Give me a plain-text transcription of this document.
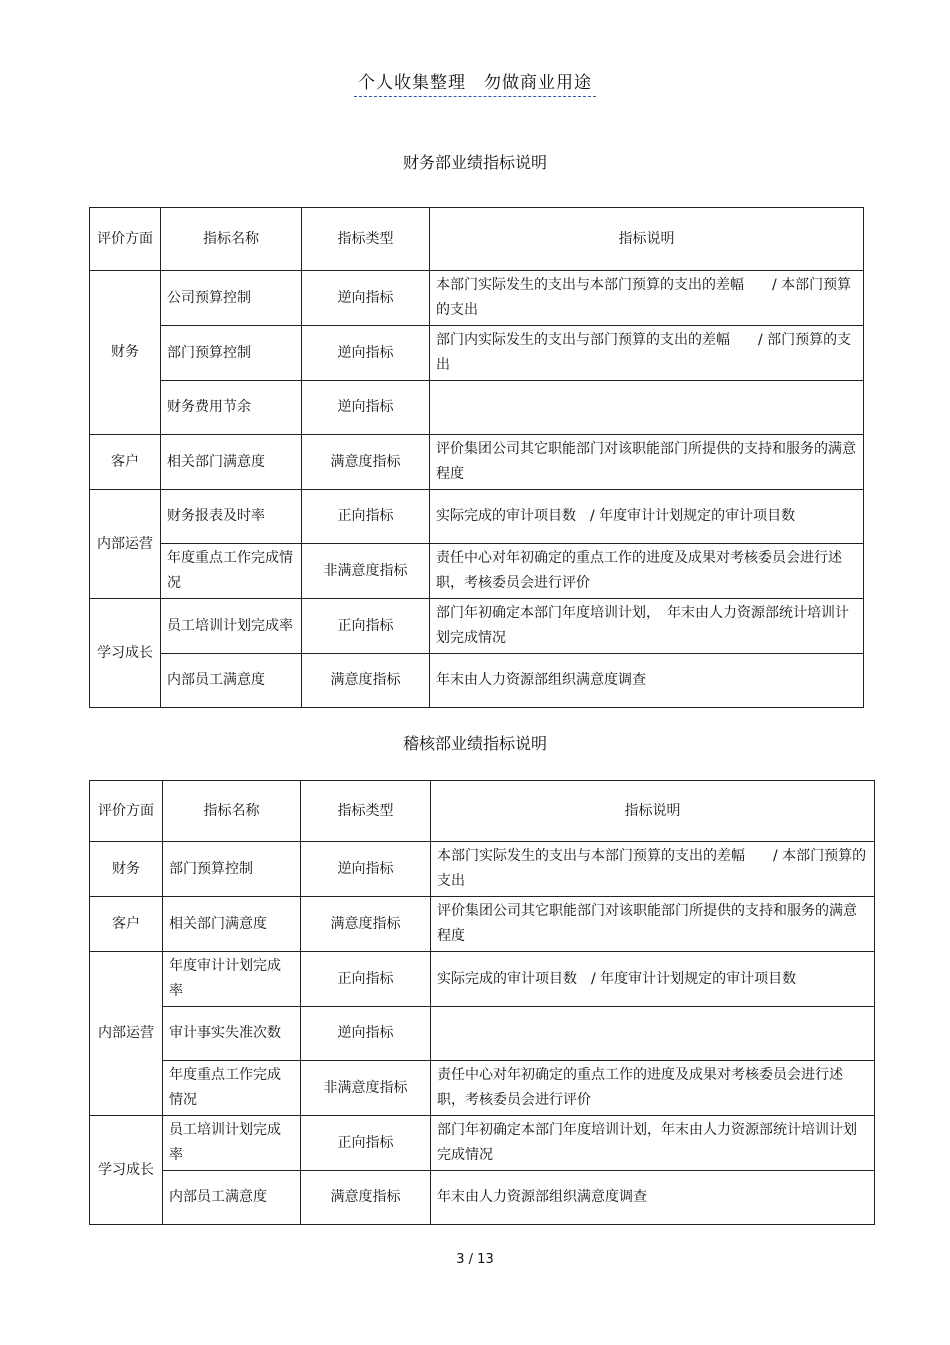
个人收集整理　勿做商业用途
财务部业绩指标说明
评价方面	指标名称	指标类型	指标说明
财务	公司预算控制	逆向指标	本部门实际发生的支出与本部门预算的支出的差幅　　/ 本部门预算的支出
	部门预算控制	逆向指标	部门内实际发生的支出与部门预算的支出的差幅　　/ 部门预算的支出
	财务费用节余	逆向指标	
客户	相关部门满意度	满意度指标	评价集团公司其它职能部门对该职能部门所提供的支持和服务的满意程度
内部运营	财务报表及时率	正向指标	实际完成的审计项目数　/ 年度审计计划规定的审计项目数
	年度重点工作完成情况	非满意度指标	责任中心对年初确定的重点工作的进度及成果对考核委员会进行述职，考核委员会进行评价
学习成长	员工培训计划完成率	正向指标	部门年初确定本部门年度培训计划，　年末由人力资源部统计培训计划完成情况
	内部员工满意度	满意度指标	年末由人力资源部组织满意度调查
稽核部业绩指标说明
评价方面	指标名称	指标类型	指标说明
财务	部门预算控制	逆向指标	本部门实际发生的支出与本部门预算的支出的差幅　　/ 本部门预算的支出
客户	相关部门满意度	满意度指标	评价集团公司其它职能部门对该职能部门所提供的支持和服务的满意程度
内部运营	年度审计计划完成率	正向指标	实际完成的审计项目数　/ 年度审计计划规定的审计项目数
	审计事实失准次数	逆向指标	
	年度重点工作完成情况	非满意度指标	责任中心对年初确定的重点工作的进度及成果对考核委员会进行述职，考核委员会进行评价
学习成长	员工培训计划完成率	正向指标	部门年初确定本部门年度培训计划，年末由人力资源部统计培训计划完成情况
	内部员工满意度	满意度指标	年末由人力资源部组织满意度调查
3 / 13
